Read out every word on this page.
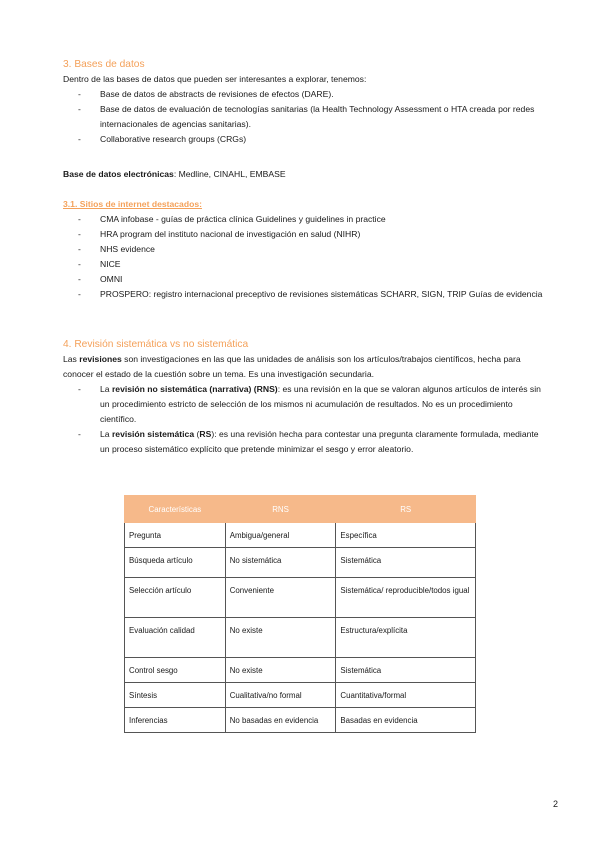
3. Bases de datos

Dentro de las bases de datos que pueden ser interesantes a explorar, tenemos:

- Base de datos de abstracts de revisiones de efectos (DARE).
- Base de datos de evaluación de tecnologías sanitarias (la Health Technology Assessment o HTA creada por redes internacionales de agencias sanitarias).
- Collaborative research groups (CRGs)

Base de datos electrónicas: Medline, CINAHL, EMBASE

3.1. Sitios de internet destacados:
- CMA infobase - guías de práctica clínica Guidelines y guidelines in practice
- HRA program del instituto nacional de investigación en salud (NIHR)
- NHS evidence
- NICE
- OMNI
- PROSPERO: registro internacional preceptivo de revisiones sistemáticas SCHARR, SIGN, TRIP Guías de evidencia
4. Revisión sistemática vs no sistemática

Las revisiones son investigaciones en las que las unidades de análisis son los artículos/trabajos científicos, hecha para conocer el estado de la cuestión sobre un tema. Es una investigación secundaria.

- La revisión no sistemática (narrativa) (RNS): es una revisión en la que se valoran algunos artículos de interés sin un procedimiento estricto de selección de los mismos ni acumulación de resultados. No es un procedimiento científico.
- La revisión sistemática (RS): es una revisión hecha para contestar una pregunta claramente formulada, mediante un proceso sistemático explícito que pretende minimizar el sesgo y error aleatorio.
Características	RNS	RS
Pregunta	Ambigua/general	Específica
Búsqueda artículo	No sistemática	Sistemática
Selección artículo	Conveniente	Sistemática/ reproducible/todos igual
Evaluación calidad	No existe	Estructura/explícita
Control sesgo	No existe	Sistemática
Síntesis	Cualitativa/no formal	Cuantitativa/formal
Inferencias	No basadas en evidencia	Basadas en evidencia
2
